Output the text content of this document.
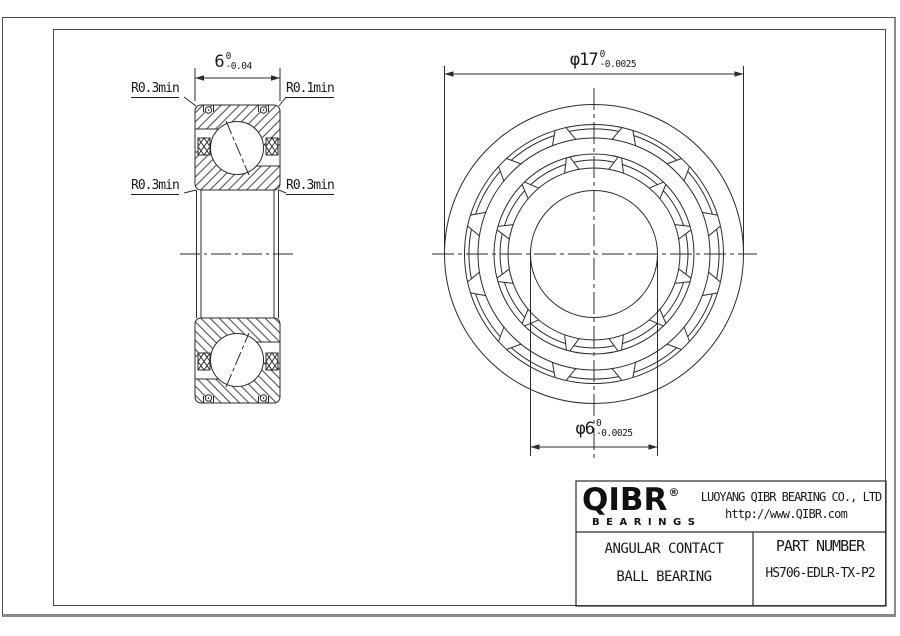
6 0
-0.04
R0.3min	R0.1min
R0.3min	R0.3min
φ17 0
-0.0025
φ6 0
-0.0025
QIBR®
BEARINGS
LUOYANG QIBR BEARING CO., LTD
http://www.QIBR.com
ANGULAR CONTACT
BALL BEARING
PART NUMBER
HS706-EDLR-TX-P2
